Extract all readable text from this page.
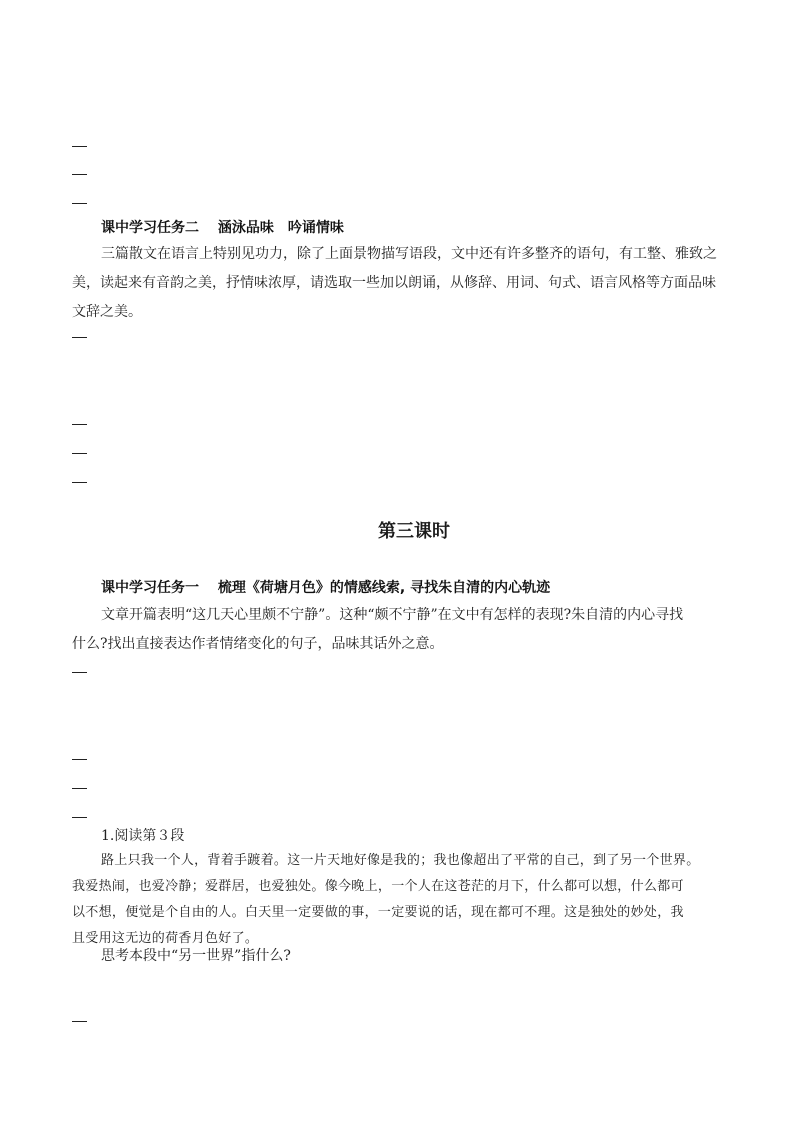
课中学习任务二　 涵泳品味　吟诵情味
三篇散文在语言上特别见功力，除了上面景物描写语段，文中还有许多整齐的语句，有工整、雅致之
美，读起来有音韵之美，抒情味浓厚，请选取一些加以朗诵，从修辞、用词、句式、语言风格等方面品味
文辞之美。
第三课时
课中学习任务一　 梳理《荷塘月色》的情感线索, 寻找朱自清的内心轨迹
文章开篇表明“这几天心里颇不宁静”。这种“颇不宁静”在文中有怎样的表现?朱自清的内心寻找
什么?找出直接表达作者情绪变化的句子，品味其话外之意。
1.阅读第３段
路上只我一个人，背着手踱着。这一片天地好像是我的；我也像超出了平常的自己，到了另一个世界。
我爱热闹，也爱冷静；爱群居，也爱独处。像今晚上，一个人在这苍茫的月下，什么都可以想，什么都可
以不想，便觉是个自由的人。白天里一定要做的事，一定要说的话，现在都可不理。这是独处的妙处，我
且受用这无边的荷香月色好了。
思考本段中“另一世界”指什么?
